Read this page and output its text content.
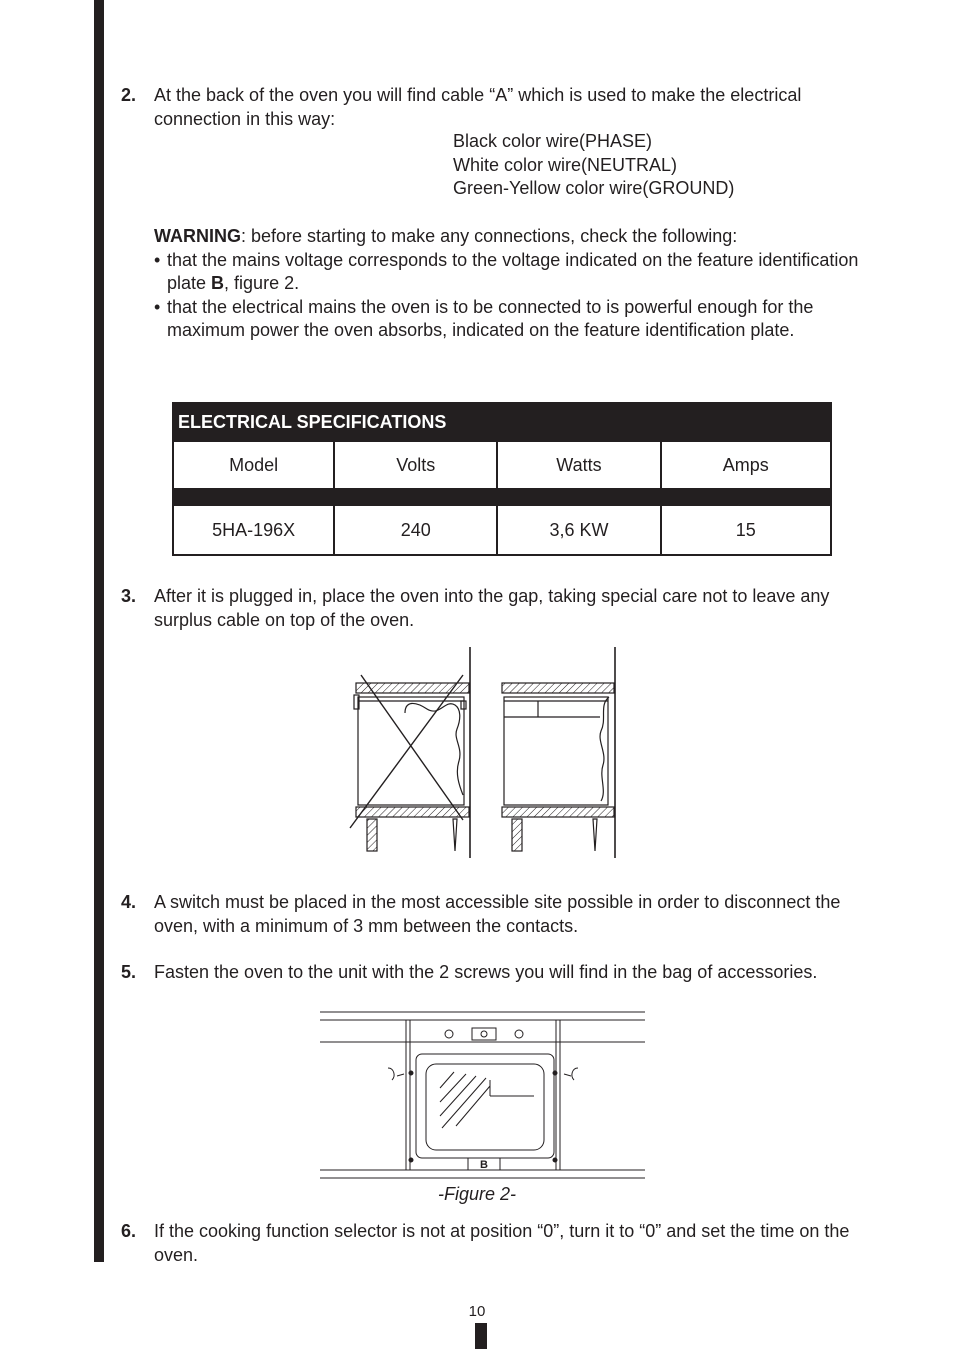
2. At the back of the oven you will find cable “A” which is used to make the electrical connection in this way:
Black color wire(PHASE)
White color wire(NEUTRAL)
Green-Yellow color wire(GROUND)
WARNING: before starting to make any connections, check the following:
• that the mains voltage corresponds to the voltage indicated on the feature identification plate B, figure 2.
• that the electrical mains the oven is to be connected to is powerful enough for the maximum power the oven absorbs, indicated on the feature identification plate.
ELECTRICAL SPECIFICATIONS			
Model	Volts	Watts	Amps

5HA-196X	240	3,6 KW	15
3. After it is plugged in, place the oven into the gap, taking special care not to leave any surplus cable on top of the oven.
4. A switch must be placed in the most accessible site possible in order to disconnect the oven, with a minimum of 3 mm between the contacts.
5. Fasten the oven to the unit with the 2 screws you will find in the bag of accessories.
B
-Figure 2-
6. If the cooking function selector is not at position “0”, turn it to “0” and set the time on the oven.
10
